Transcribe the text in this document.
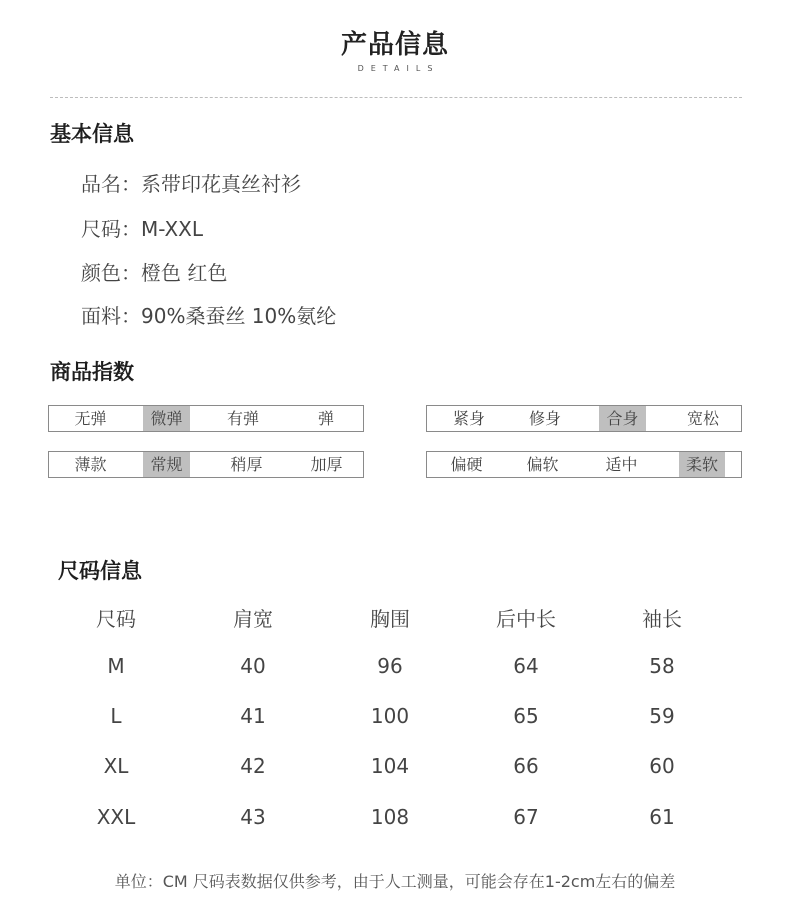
产品信息
DETAILS
基本信息
品名 ： 系带印花真丝衬衫
尺码 ： M-XXL
颜色 ： 橙色 红色
面料 ： 90%桑蚕丝 10%氨纶
商品指数
无弹	微弹	有弹	弹	紧身	修身	合身	宽松
薄款	常规	稍厚	加厚	偏硬	偏软	适中	柔软
尺码信息
尺码	肩宽	胸围	后中长	袖长
M	40	96	64	58
L	41	100	65	59
XL	42	104	66	60
XXL	43	108	67	61
单位：CM 尺码表数据仅供参考，由于人工测量，可能会存在1-2cm左右的偏差
